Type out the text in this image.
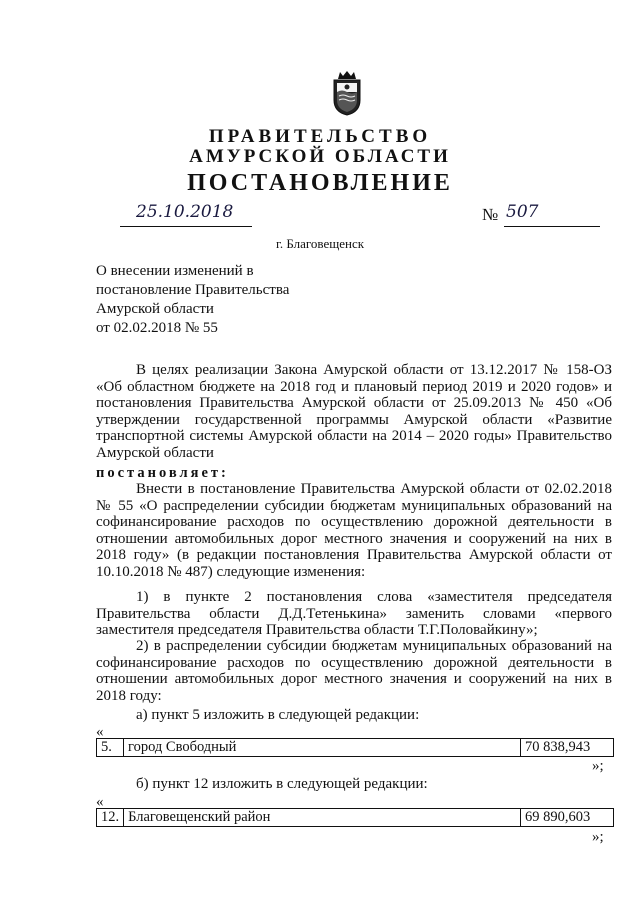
ПРАВИТЕЛЬСТВО
АМУРСКОЙ ОБЛАСТИ
ПОСТАНОВЛЕНИЕ
25.10.2018	№ 507
г. Благовещенск
О внесении изменений в
постановление Правительства
Амурской области
от 02.02.2018 № 55
В целях реализации Закона Амурской области от 13.12.2017 № 158-ОЗ «Об областном бюджете на 2018 год и плановый период 2019 и 2020 годов» и постановления Правительства Амурской области от 25.09.2013 № 450 «Об утверждении государственной программы Амурской области «Развитие транспортной системы Амурской области на 2014 – 2020 годы» Правительство Амурской области
постановляет:
Внести в постановление Правительства Амурской области от 02.02.2018 № 55 «О распределении субсидии бюджетам муниципальных образований на софинансирование расходов по осуществлению дорожной деятельности в отношении автомобильных дорог местного значения и сооружений на них в 2018 году» (в редакции постановления Правительства Амурской области от 10.10.2018 № 487) следующие изменения:
1) в пункте 2 постановления слова «заместителя председателя Правительства области Д.Д.Тетенькина» заменить словами «первого заместителя председателя Правительства области Т.Г.Половайкину»;
2) в распределении субсидии бюджетам муниципальных образований на софинансирование расходов по осуществлению дорожной деятельности в отношении автомобильных дорог местного значения и сооружений на них в 2018 году:
а) пункт 5 изложить в следующей редакции:
«
5.	город Свободный	70 838,943
»;
б) пункт 12 изложить в следующей редакции:
«
12.	Благовещенский район	69 890,603
»;
